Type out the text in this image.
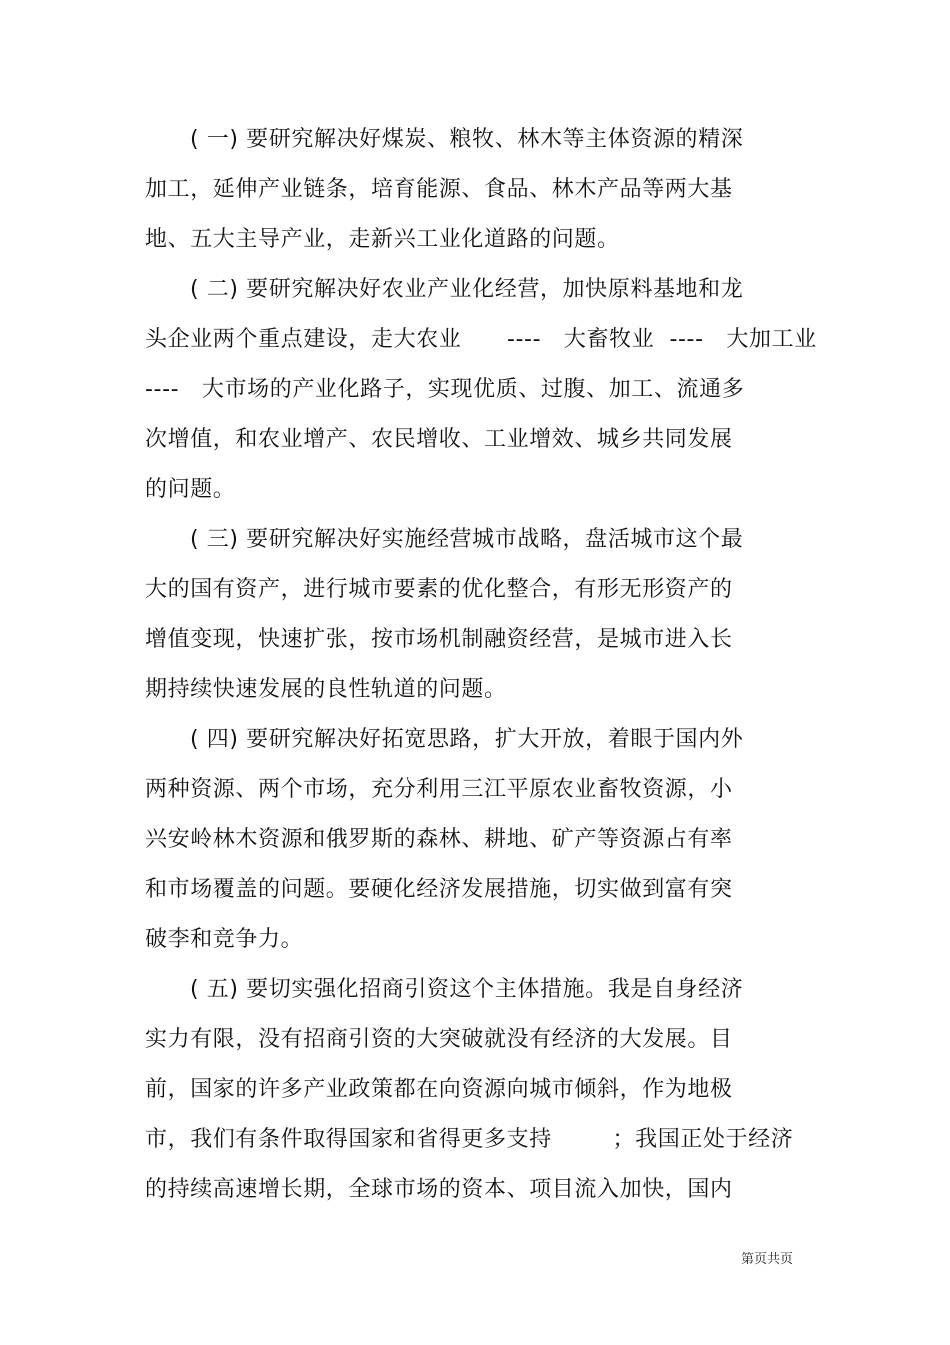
( 一) 要研究解决好煤炭、粮牧、林木等主体资源的精深
加工，延伸产业链条，培育能源、食品、林木产品等两大基
地、五大主导产业，走新兴工业化道路的问题。
( 二) 要研究解决好农业产业化经营，加快原料基地和龙
头企业两个重点建设，走大农业      ----   大畜牧业  ----   大加工业
----   大市场的产业化路子，实现优质、过腹、加工、流通多
次增值，和农业增产、农民增收、工业增效、城乡共同发展
的问题。
( 三) 要研究解决好实施经营城市战略，盘活城市这个最
大的国有资产，进行城市要素的优化整合，有形无形资产的
增值变现，快速扩张，按市场机制融资经营，是城市进入长
期持续快速发展的良性轨道的问题。
( 四) 要研究解决好拓宽思路，扩大开放，着眼于国内外
两种资源、两个市场，充分利用三江平原农业畜牧资源，小
兴安岭林木资源和俄罗斯的森林、耕地、矿产等资源占有率
和市场覆盖的问题。要硬化经济发展措施，切实做到富有突
破李和竞争力。
( 五) 要切实强化招商引资这个主体措施。我是自身经济
实力有限，没有招商引资的大突破就没有经济的大发展。目
前，国家的许多产业政策都在向资源向城市倾斜，作为地极
市，我们有条件取得国家和省得更多支持        ；我国正处于经济
的持续高速增长期，全球市场的资本、项目流入加快，国内
第页共页
